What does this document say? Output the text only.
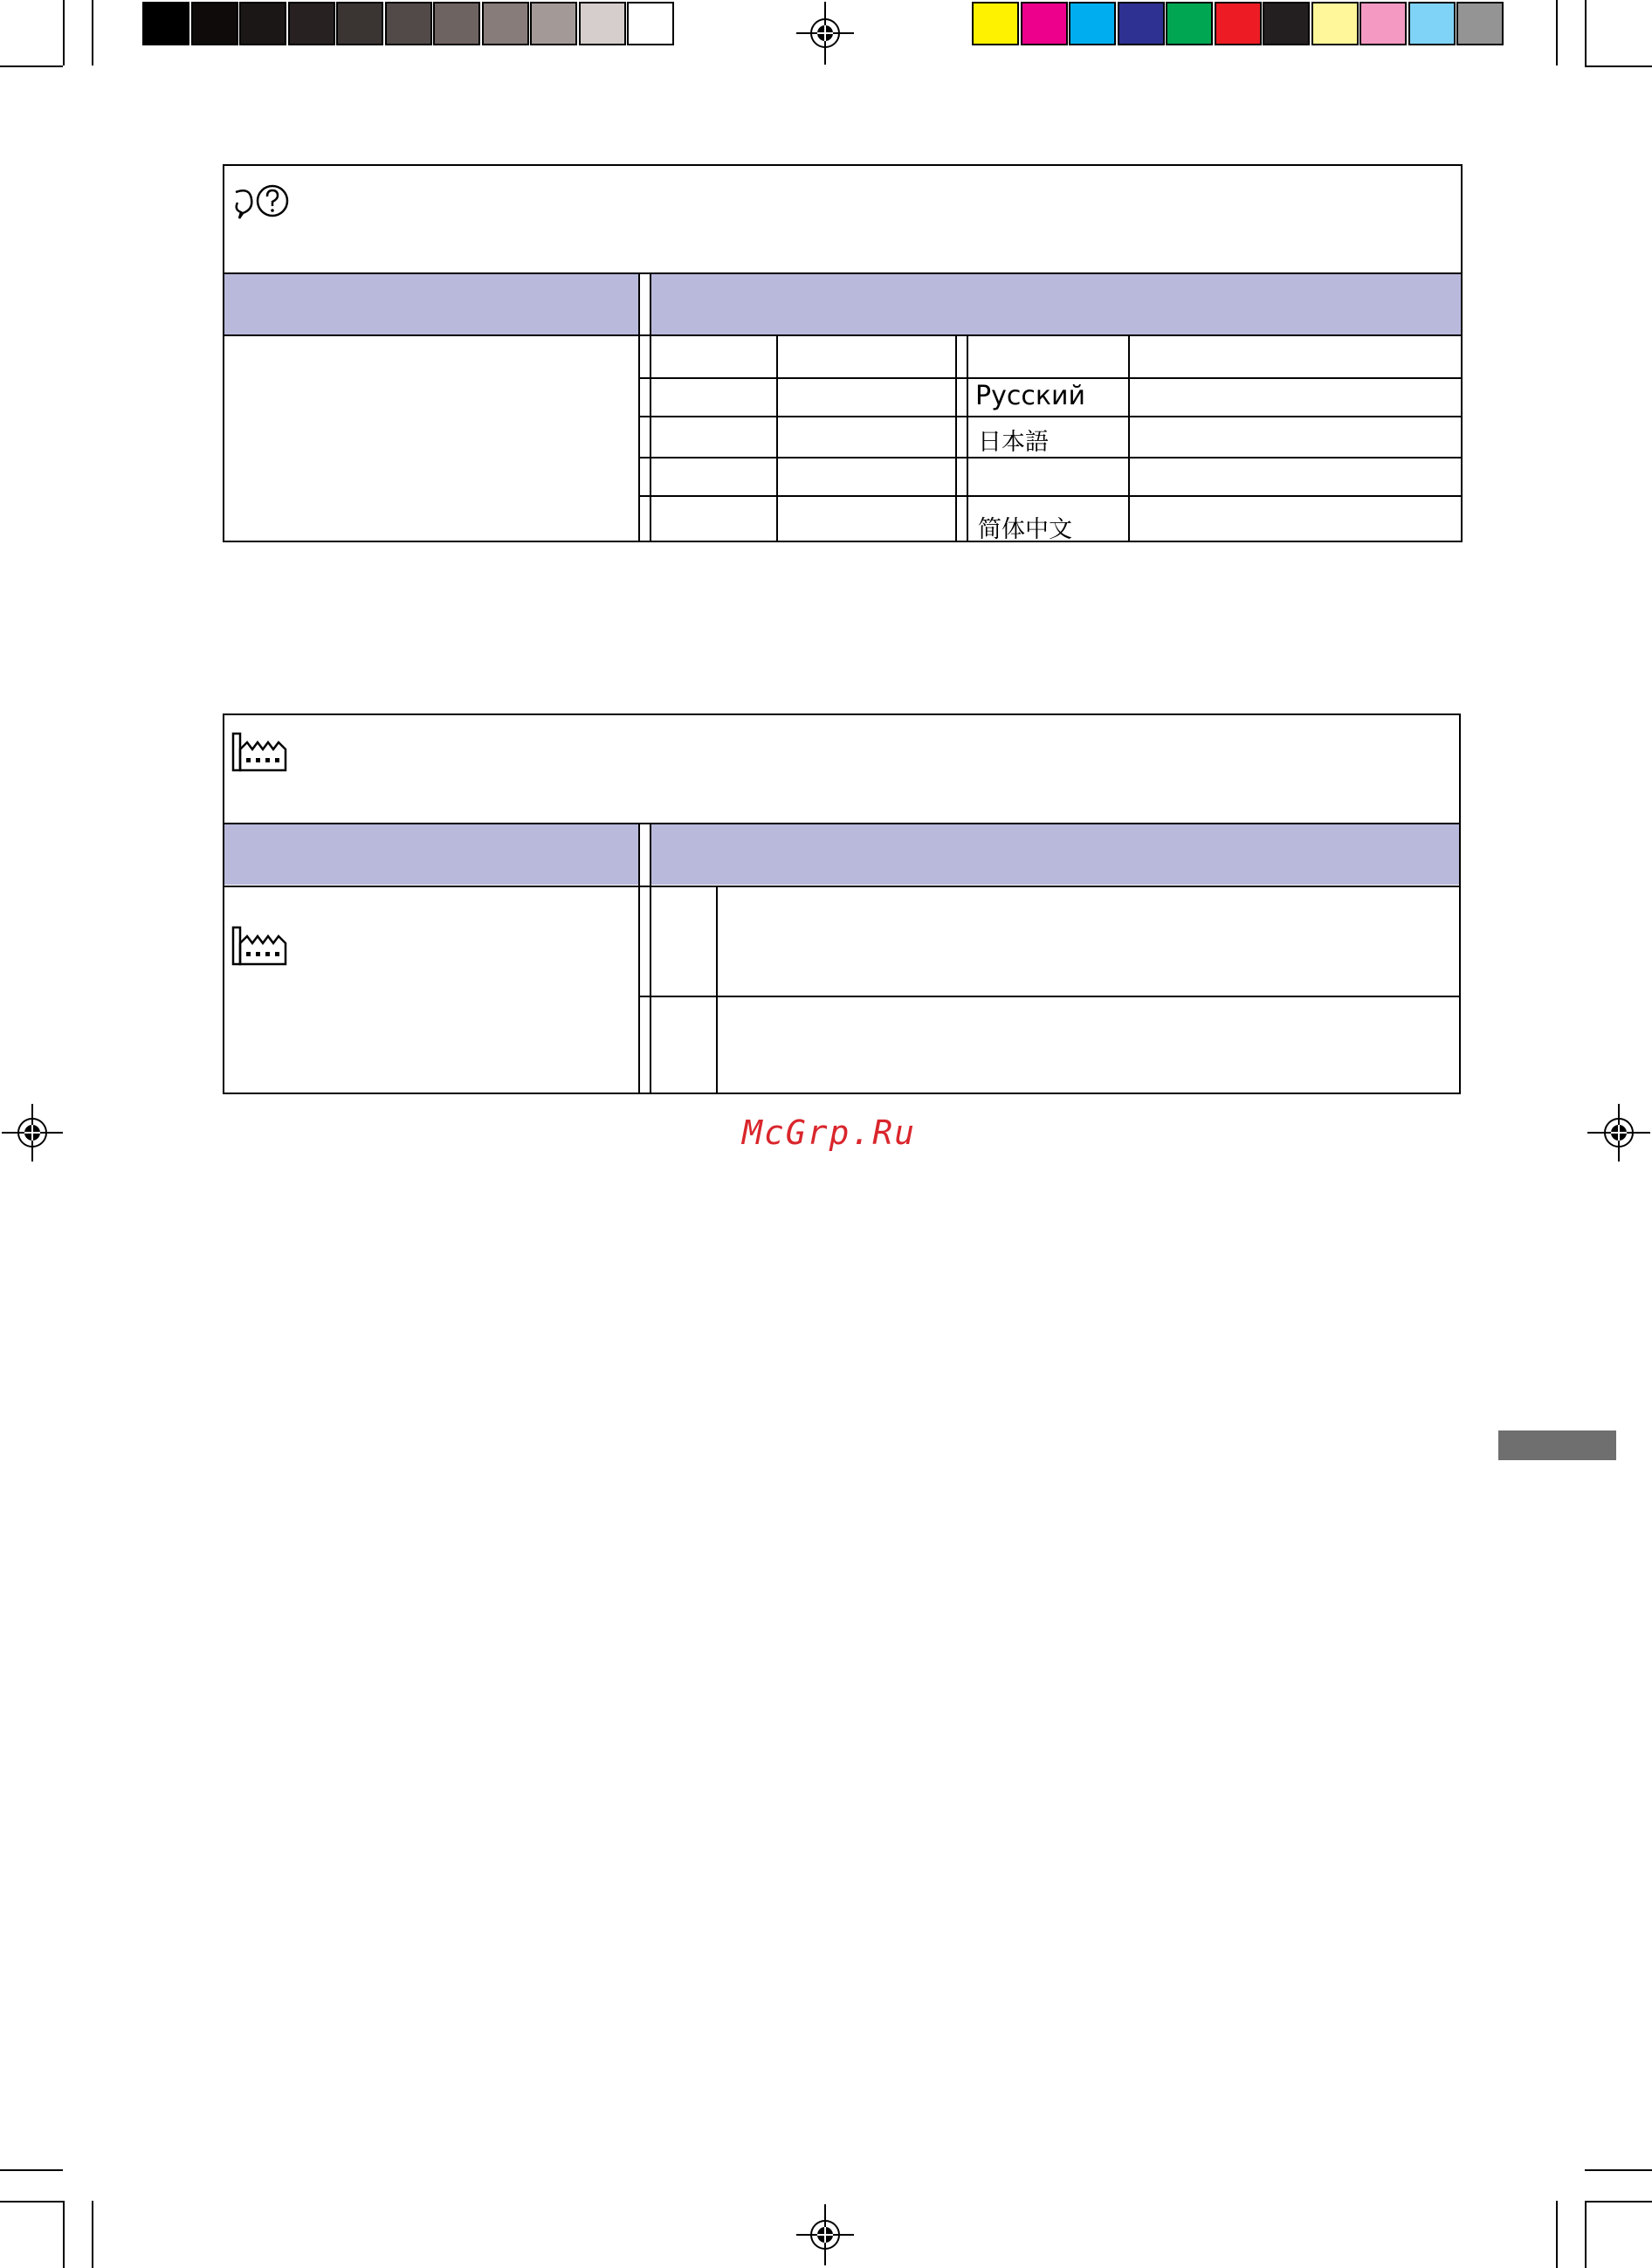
Русский
日本語
简体中文
McGrp.Ru
